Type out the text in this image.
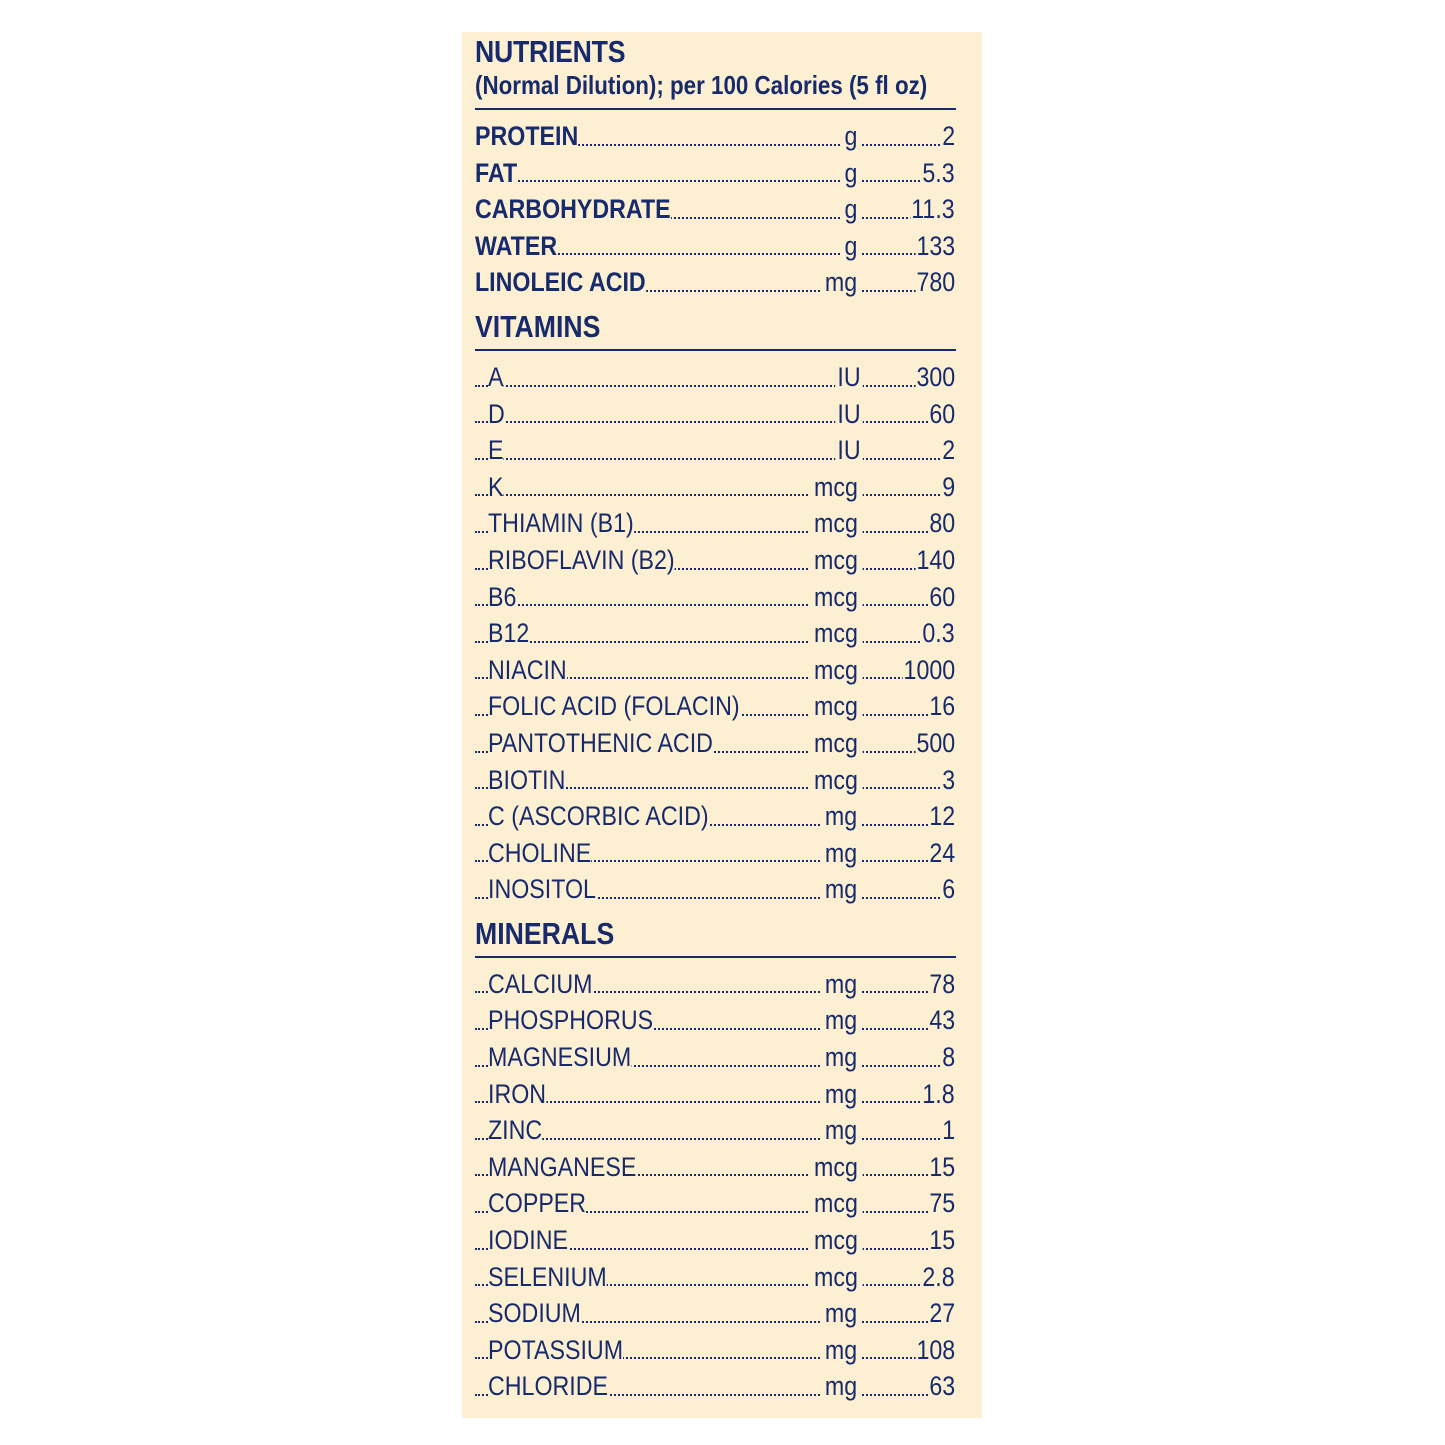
NUTRIENTS
(Normal Dilution); per 100 Calories (5 fl oz)
PROTEIN	g	2
FAT	g 5.3
CARBOHYDRATE	g 11.3
WATER	g 133
LINOLEIC ACID	mg 780
VITAMINS
A	IU 300
D	IU	60
E	IU	2
K	mcg	9
THIAMIN (B1)	mcg	80
RIBOFLAVIN (B2)	mcg 140
B6	mcg	60
B12	mcg 0.3
NIACIN	mcg 1000
FOLIC ACID (FOLACIN)	mcg	16
PANTOTHENIC ACID	mcg 500
BIOTIN	mcg	3
C (ASCORBIC ACID)	mg	12
CHOLINE	mg	24
INOSITOL	mg	6
MINERALS
CALCIUM	mg	78
PHOSPHORUS	mg	43
MAGNESIUM	mg	8
IRON	mg 1.8
ZINC	mg	1
MANGANESE	mcg	15
COPPER	mcg	75
IODINE	mcg	15
SELENIUM	mcg 2.8
SODIUM	mg	27
POTASSIUM	mg 108
CHLORIDE	mg	63
